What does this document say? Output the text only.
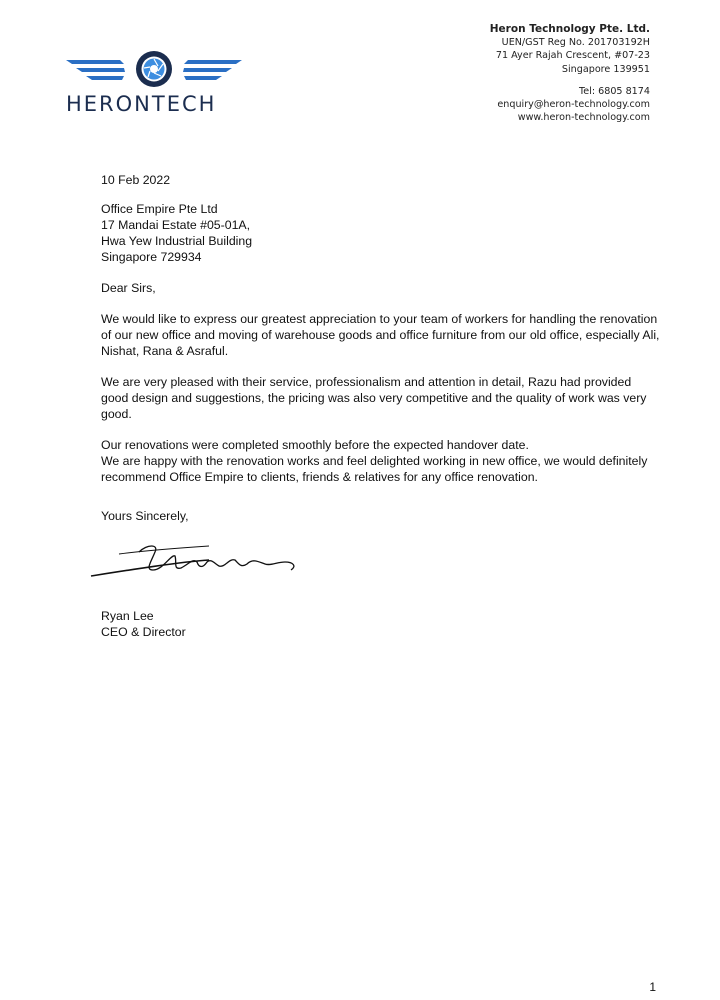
HERONTECH
Heron Technology Pte. Ltd.
UEN/GST Reg No. 201703192H
71 Ayer Rajah Crescent, #07-23
Singapore 139951
Tel: 6805 8174
enquiry@heron-technology.com
www.heron-technology.com

10 Feb 2022

Office Empire Pte Ltd

17 Mandai Estate #05-01A,

Hwa Yew Industrial Building

Singapore 729934

Dear Sirs,

We would like to express our greatest appreciation to your team of workers for handling the renovation of our new office and moving of warehouse goods and office furniture from our old office, especially Ali, Nishat, Rana & Asraful.

We are very pleased with their service, professionalism and attention in detail, Razu had provided good design and suggestions, the pricing was also very competitive and the quality of work was very good.

Our renovations were completed smoothly before the expected handover date.

We are happy with the renovation works and feel delighted working in new office, we would definitely recommend Office Empire to clients, friends & relatives for any office renovation.

Yours Sincerely,

Ryan Lee

CEO & Director

1
